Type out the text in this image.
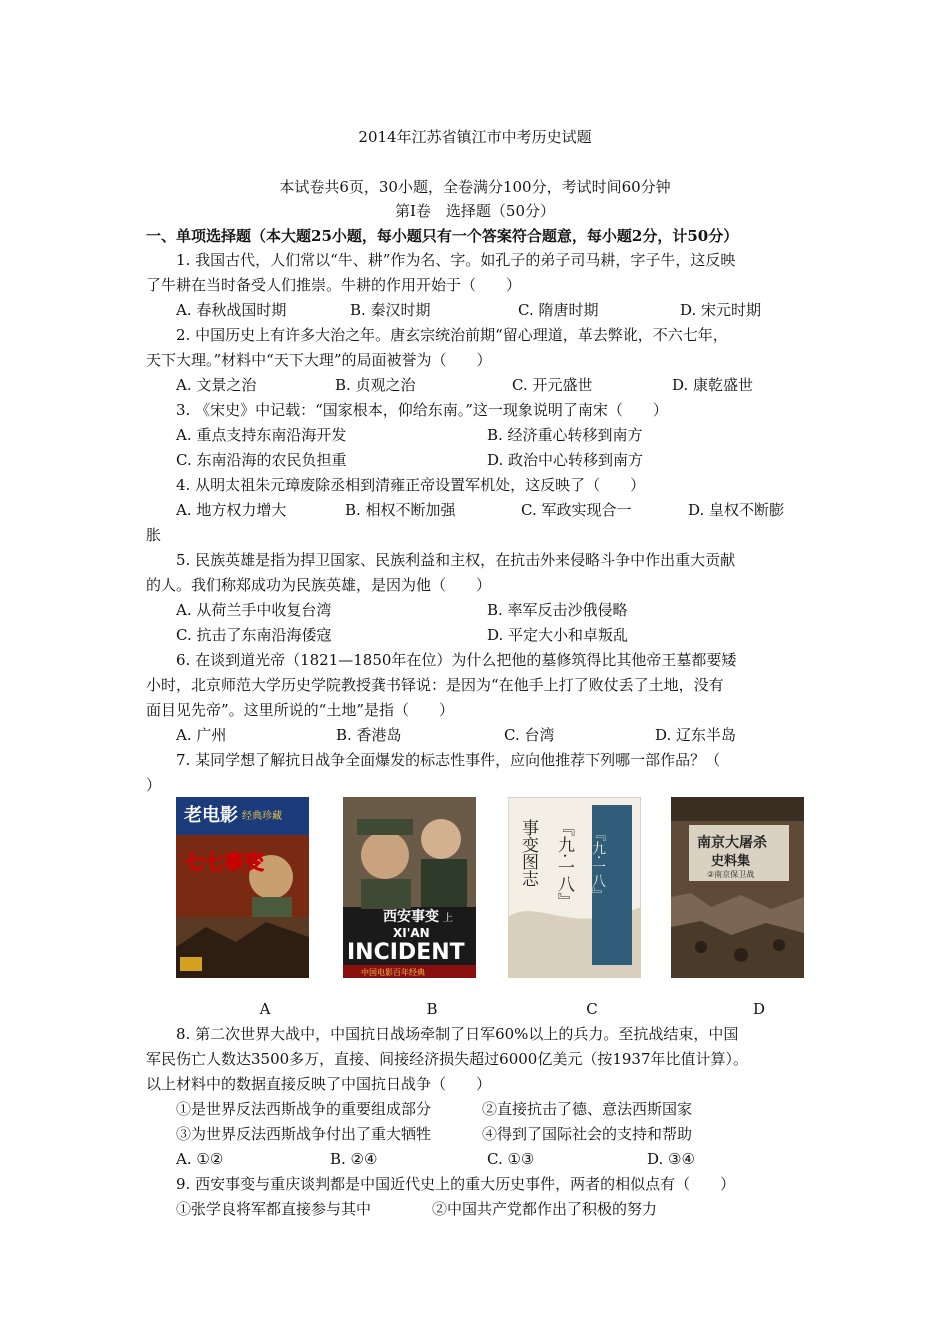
2014年江苏省镇江市中考历史试题
本试卷共6页，30小题，全卷满分100分，考试时间60分钟
第Ⅰ卷　选择题（50分）
一、单项选择题（本大题25小题，每小题只有一个答案符合题意，每小题2分，计50分）
1. 我国古代，人们常以“牛、耕”作为名、字。如孔子的弟子司马耕，字子牛，这反映
了牛耕在当时备受人们推崇。牛耕的作用开始于（　　）
A. 春秋战国时期	B. 秦汉时期	C. 隋唐时期	D. 宋元时期
2. 中国历史上有许多大治之年。唐玄宗统治前期“留心理道，革去弊讹，不六七年，
天下大理。”材料中“天下大理”的局面被誉为（　　）
A. 文景之治	B. 贞观之治	C. 开元盛世	D. 康乾盛世
3. 《宋史》中记载：“国家根本，仰给东南。”这一现象说明了南宋（　　）
A. 重点支持东南沿海开发	B. 经济重心转移到南方
C. 东南沿海的农民负担重	D. 政治中心转移到南方
4. 从明太祖朱元璋废除丞相到清雍正帝设置军机处，这反映了（　　）
A. 地方权力增大	B. 相权不断加强	C. 军政实现合一	D. 皇权不断膨
胀
5. 民族英雄是指为捍卫国家、民族利益和主权，在抗击外来侵略斗争中作出重大贡献
的人。我们称郑成功为民族英雄，是因为他（　　）
A. 从荷兰手中收复台湾	B. 率军反击沙俄侵略
C. 抗击了东南沿海倭寇	D. 平定大小和卓叛乱
6. 在谈到道光帝（1821—1850年在位）为什么把他的墓修筑得比其他帝王墓都要矮
小时，北京师范大学历史学院教授龚书铎说：是因为“在他手上打了败仗丢了土地，没有
面目见先帝”。这里所说的“土地”是指（　　）
A. 广州	B. 香港岛	C. 台湾	D. 辽东半岛
7. 某同学想了解抗日战争全面爆发的标志性事件，应向他推荐下列哪一部作品？（
）
老电影 经典珍藏
七七事变
西安事变 上
XI'AN
INCIDENT
中国电影百年经典
『九·一八』
事变图志 『九·一八』	南京大屠杀
史料集
②南京保卫战
A	B	C	D
8. 第二次世界大战中，中国抗日战场牵制了日军60%以上的兵力。至抗战结束，中国
军民伤亡人数达3500多万，直接、间接经济损失超过6000亿美元（按1937年比值计算）。
以上材料中的数据直接反映了中国抗日战争（　　）
①是世界反法西斯战争的重要组成部分	②直接抗击了德、意法西斯国家
③为世界反法西斯战争付出了重大牺牲	④得到了国际社会的支持和帮助
A. ①②	B. ②④	C. ①③	D. ③④
9. 西安事变与重庆谈判都是中国近代史上的重大历史事件，两者的相似点有（　　）
①张学良将军都直接参与其中	②中国共产党都作出了积极的努力
